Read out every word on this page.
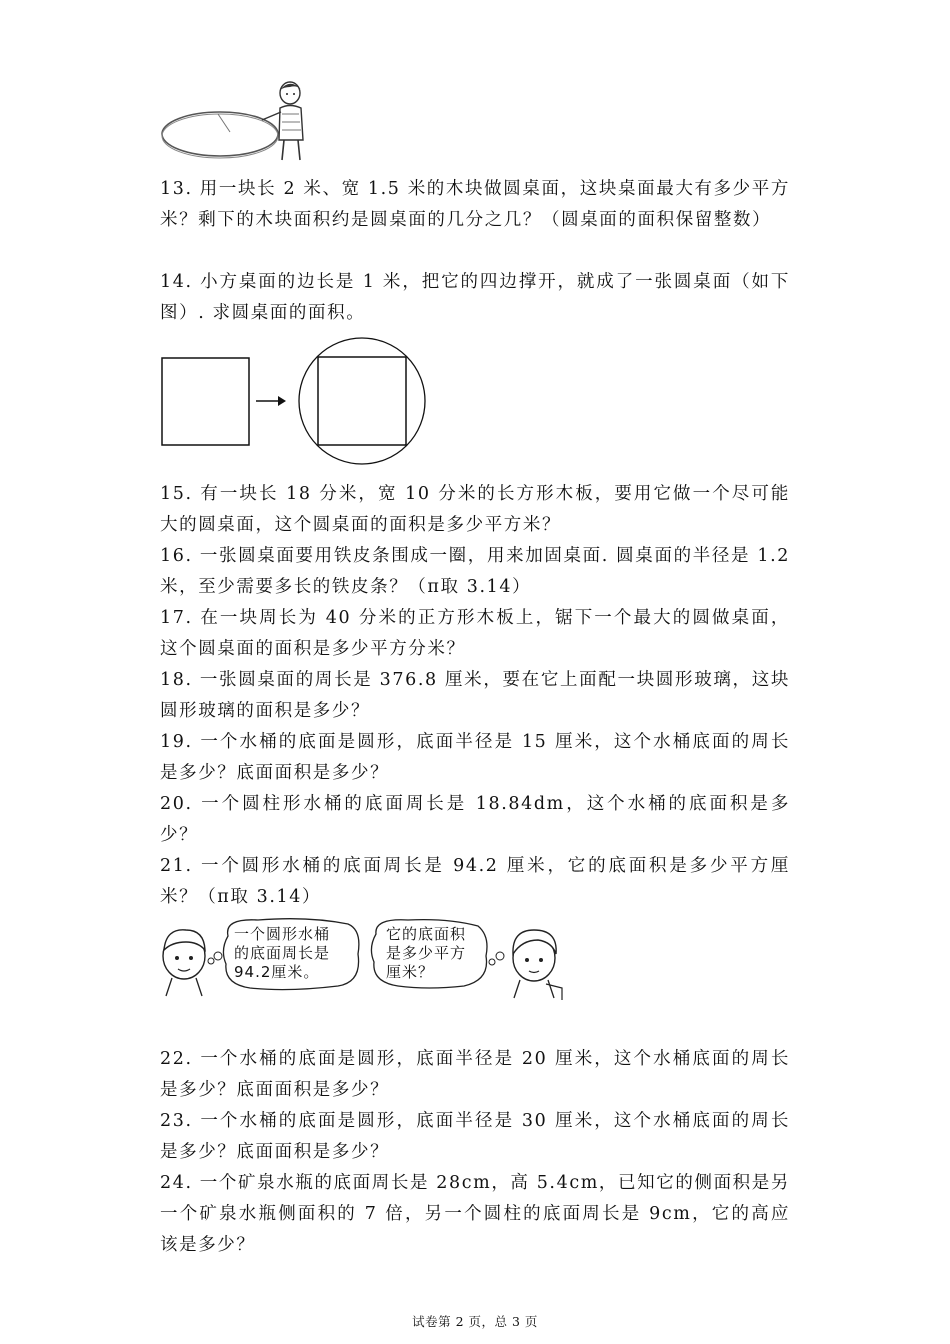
13. 用一块长 2 米、宽 1.5 米的木块做圆桌面，这块桌面最大有多少平方米？剩下的木块面积约是圆桌面的几分之几？（圆桌面的面积保留整数）

14. 小方桌面的边长是 1 米，把它的四边撑开，就成了一张圆桌面（如下图）. 求圆桌面的面积。

15. 有一块长 18 分米，宽 10 分米的长方形木板，要用它做一个尽可能大的圆桌面，这个圆桌面的面积是多少平方米？

16. 一张圆桌面要用铁皮条围成一圈，用来加固桌面. 圆桌面的半径是 1.2 米，至少需要多长的铁皮条？（π取 3.14）

17. 在一块周长为 40 分米的正方形木板上，锯下一个最大的圆做桌面，这个圆桌面的面积是多少平方分米？

18. 一张圆桌面的周长是 376.8 厘米，要在它上面配一块圆形玻璃，这块圆形玻璃的面积是多少？

19. 一个水桶的底面是圆形，底面半径是 15 厘米，这个水桶底面的周长是多少？底面面积是多少？

20. 一个圆柱形水桶的底面周长是 18.84dm，这个水桶的底面积是多少？

21. 一个圆形水桶的底面周长是 94.2 厘米，它的底面积是多少平方厘米？（π取 3.14）

一个圆形水桶
的底面周长是
94.2厘米。
它的底面积
是多少平方
厘米？

22. 一个水桶的底面是圆形，底面半径是 20 厘米，这个水桶底面的周长是多少？底面面积是多少？

23. 一个水桶的底面是圆形，底面半径是 30 厘米，这个水桶底面的周长是多少？底面面积是多少？

24. 一个矿泉水瓶的底面周长是 28cm，高 5.4cm，已知它的侧面积是另一个矿泉水瓶侧面积的 7 倍，另一个圆柱的底面周长是 9cm，它的高应该是多少？

试卷第 2 页，总 3 页
